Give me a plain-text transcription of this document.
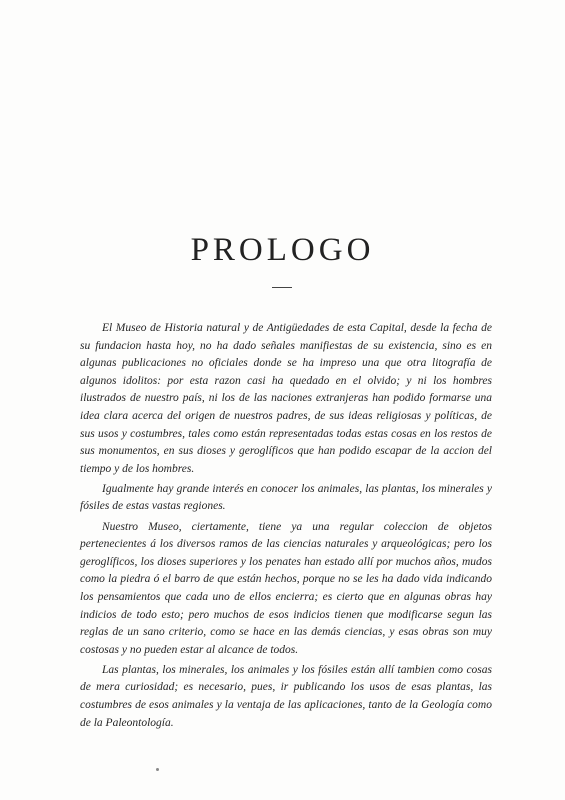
PROLOGO

El Museo de Historia natural y de Antigüedades de esta Capital, desde la fecha de su fundacion hasta hoy, no ha dado señales manifiestas de su existencia, sino es en algunas publicaciones no oficiales donde se ha impreso una que otra litografía de algunos idolitos: por esta razon casi ha quedado en el olvido; y ni los hombres ilustrados de nuestro país, ni los de las naciones extranjeras han podido formarse una idea clara acerca del origen de nuestros padres, de sus ideas religiosas y políticas, de sus usos y costumbres, tales como están representadas todas estas cosas en los restos de sus monumentos, en sus dioses y geroglíficos que han podido escapar de la accion del tiempo y de los hombres.

Igualmente hay grande interés en conocer los animales, las plantas, los minerales y fósiles de estas vastas regiones.

Nuestro Museo, ciertamente, tiene ya una regular coleccion de objetos pertenecientes á los diversos ramos de las ciencias naturales y arqueológicas; pero los geroglíficos, los dioses superiores y los penates han estado allí por muchos años, mudos como la piedra ó el barro de que están hechos, porque no se les ha dado vida indicando los pensamientos que cada uno de ellos encierra; es cierto que en algunas obras hay indicios de todo esto; pero muchos de esos indicios tienen que modificarse segun las reglas de un sano criterio, como se hace en las demás ciencias, y esas obras son muy costosas y no pueden estar al alcance de todos.

Las plantas, los minerales, los animales y los fósiles están allí tambien como cosas de mera curiosidad; es necesario, pues, ir publicando los usos de esas plantas, las costumbres de esos animales y la ventaja de las aplicaciones, tanto de la Geología como de la Paleontología.
